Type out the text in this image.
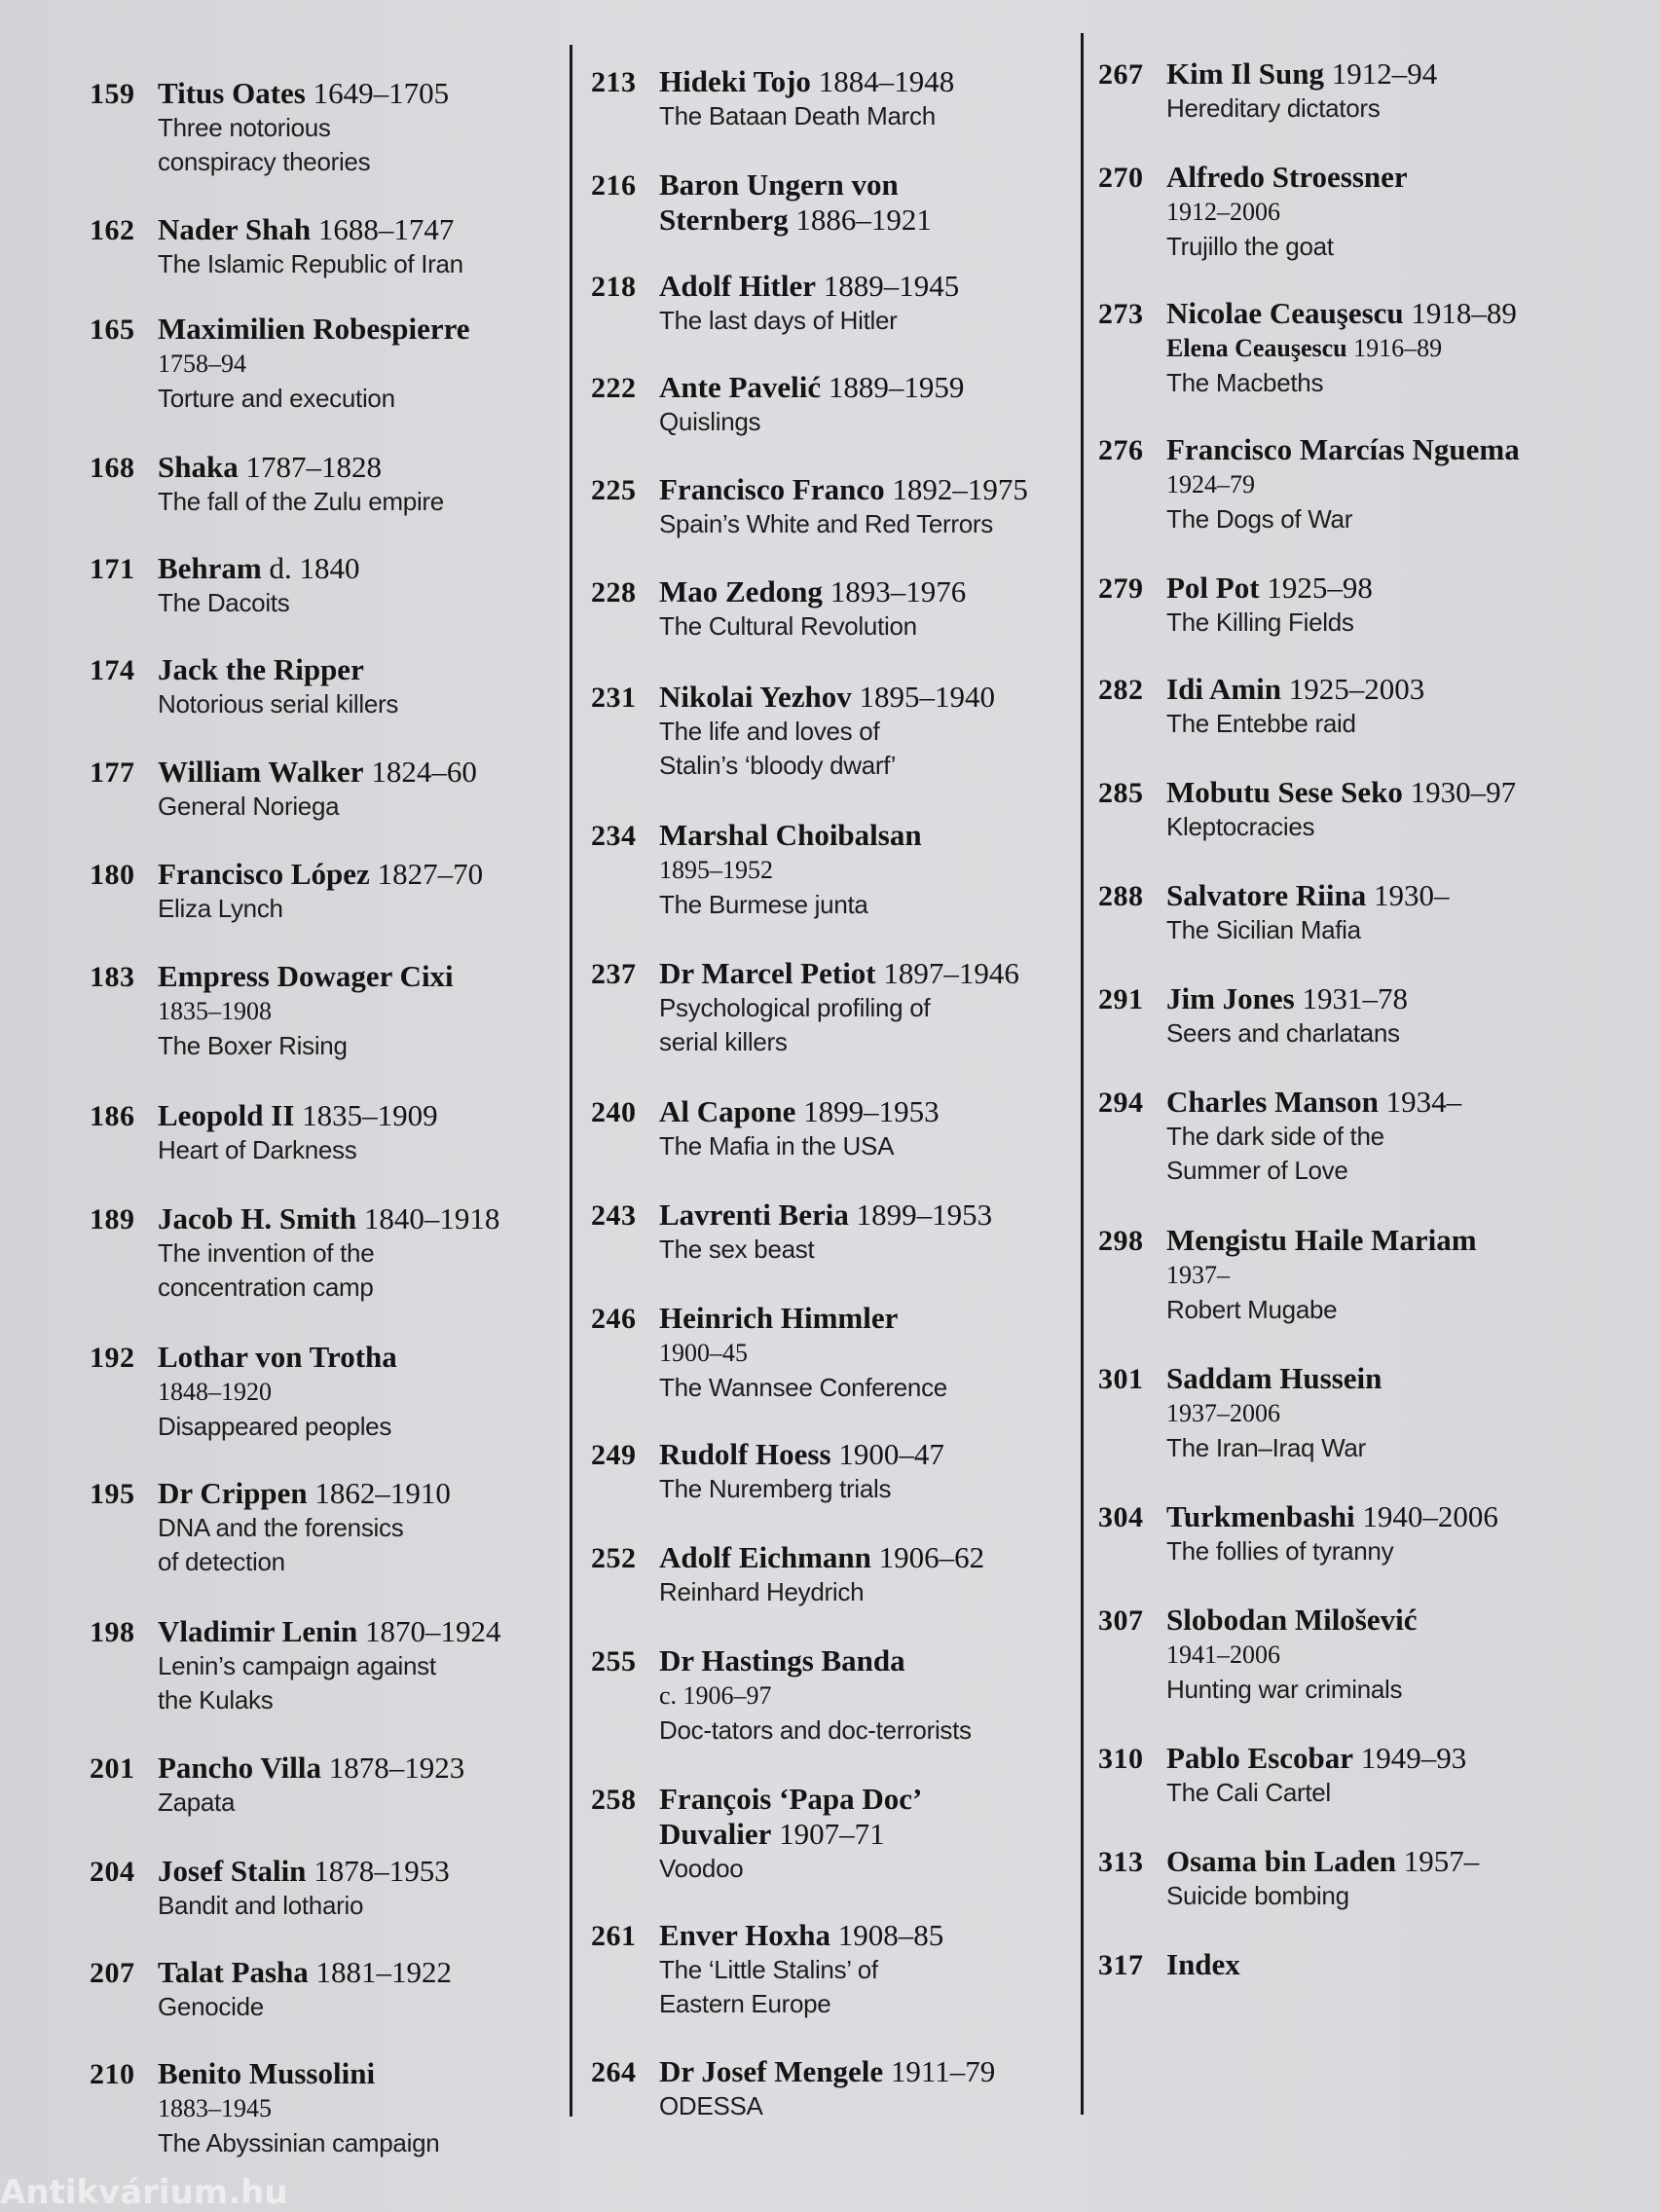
159 Titus Oates 1649–1705
Three notorious
conspiracy theories
162 Nader Shah 1688–1747
The Islamic Republic of Iran
165 Maximilien Robespierre
1758–94
Torture and execution
168 Shaka 1787–1828
The fall of the Zulu empire
171 Behram d. 1840
The Dacoits
174 Jack the Ripper
Notorious serial killers
177 William Walker 1824–60
General Noriega
180 Francisco López 1827–70
Eliza Lynch
183 Empress Dowager Cixi
1835–1908
The Boxer Rising
186 Leopold II 1835–1909
Heart of Darkness
189 Jacob H. Smith 1840–1918
The invention of the
concentration camp
192 Lothar von Trotha
1848–1920
Disappeared peoples
195 Dr Crippen 1862–1910
DNA and the forensics
of detection
198 Vladimir Lenin 1870–1924
Lenin’s campaign against
the Kulaks
201 Pancho Villa 1878–1923
Zapata
204 Josef Stalin 1878–1953
Bandit and lothario
207 Talat Pasha 1881–1922
Genocide
210 Benito Mussolini
1883–1945
The Abyssinian campaign
213 Hideki Tojo 1884–1948
The Bataan Death March
216 Baron Ungern von Sternberg 1886–1921
218 Adolf Hitler 1889–1945
The last days of Hitler
222 Ante Pavelić 1889–1959
Quislings
225 Francisco Franco 1892–1975
Spain’s White and Red Terrors
228 Mao Zedong 1893–1976
The Cultural Revolution
231 Nikolai Yezhov 1895–1940
The life and loves of
Stalin’s ‘bloody dwarf’
234 Marshal Choibalsan
1895–1952
The Burmese junta
237 Dr Marcel Petiot 1897–1946
Psychological profiling of
serial killers
240 Al Capone 1899–1953
The Mafia in the USA
243 Lavrenti Beria 1899–1953
The sex beast
246 Heinrich Himmler
1900–45
The Wannsee Conference
249 Rudolf Hoess 1900–47
The Nuremberg trials
252 Adolf Eichmann 1906–62
Reinhard Heydrich
255 Dr Hastings Banda
c. 1906–97
Doc-tators and doc-terrorists
258 François ‘Papa Doc’ Duvalier 1907–71
Voodoo
261 Enver Hoxha 1908–85
The ‘Little Stalins’ of
Eastern Europe
264 Dr Josef Mengele 1911–79
ODESSA
267 Kim Il Sung 1912–94
Hereditary dictators
270 Alfredo Stroessner
1912–2006
Trujillo the goat
273 Nicolae Ceauşescu 1918–89
Elena Ceauşescu 1916–89
The Macbeths
276 Francisco Marcías Nguema
1924–79
The Dogs of War
279 Pol Pot 1925–98
The Killing Fields
282 Idi Amin 1925–2003
The Entebbe raid
285 Mobutu Sese Seko 1930–97
Kleptocracies
288 Salvatore Riina 1930–
The Sicilian Mafia
291 Jim Jones 1931–78
Seers and charlatans
294 Charles Manson 1934–
The dark side of the
Summer of Love
298 Mengistu Haile Mariam
1937–
Robert Mugabe
301 Saddam Hussein
1937–2006
The Iran–Iraq War
304 Turkmenbashi 1940–2006
The follies of tyranny
307 Slobodan Milošević
1941–2006
Hunting war criminals
310 Pablo Escobar 1949–93
The Cali Cartel
313 Osama bin Laden 1957–
Suicide bombing
317 Index
Antikvárium.hu
